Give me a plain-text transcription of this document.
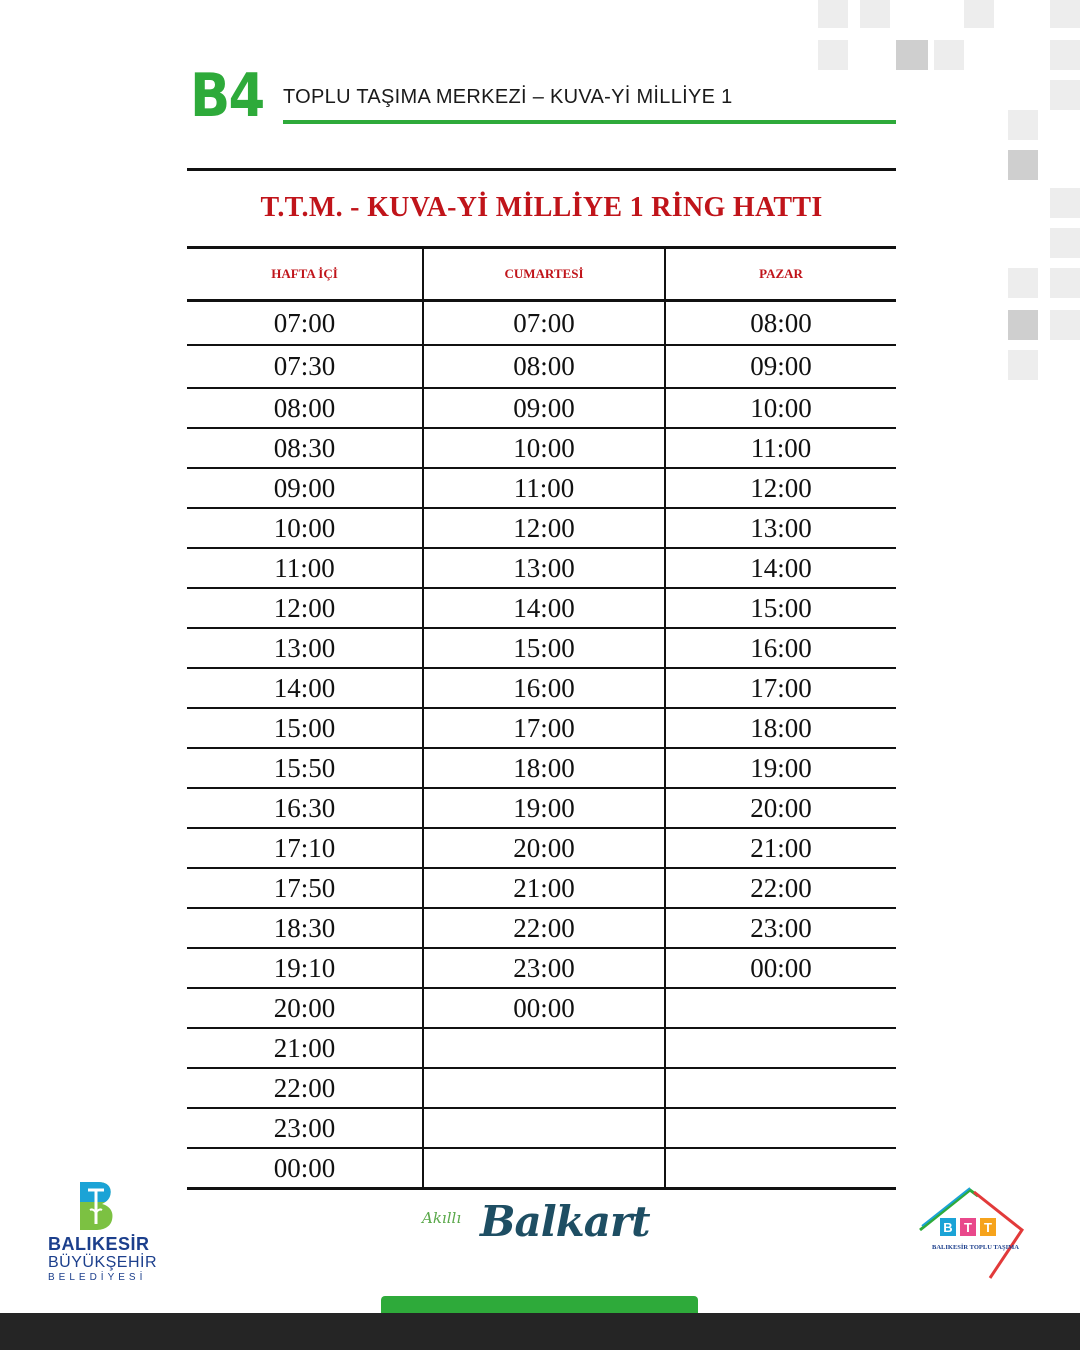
B4 TOPLU TAŞIMA MERKEZİ – KUVA-Yİ MİLLİYE 1
T.T.M. - KUVA-Yİ MİLLİYE 1 RİNG HATTI
HAFTA İÇİ	CUMARTESİ	PAZAR
07:00	07:00	08:00
07:30	08:00	09:00
08:00	09:00	10:00
08:30	10:00	11:00
09:00	11:00	12:00
10:00	12:00	13:00
11:00	13:00	14:00
12:00	14:00	15:00
13:00	15:00	16:00
14:00	16:00	17:00
15:00	17:00	18:00
15:50	18:00	19:00
16:30	19:00	20:00
17:10	20:00	21:00
17:50	21:00	22:00
18:30	22:00	23:00
19:10	23:00	00:00
20:00	00:00	
21:00		
22:00		
23:00		
00:00		
BALIKESİR
BÜYÜKŞEHİR
BELEDİYESİ
Akıllı Balkart	B T T
BALIKESİR TOPLU TAŞIMA
